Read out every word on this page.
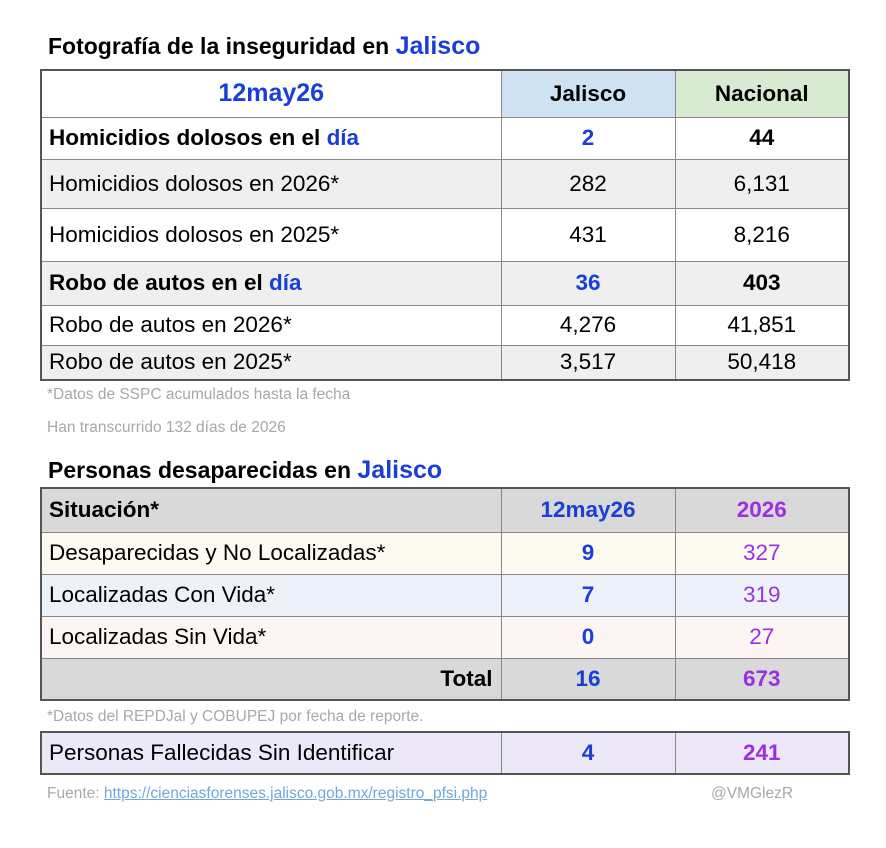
Fotografía de la inseguridad en Jalisco
12may26	Jalisco	Nacional
Homicidios dolosos en el día	2	44
Homicidios dolosos en 2026*	282	6,131
Homicidios dolosos en 2025*	431	8,216
Robo de autos en el día	36	403
Robo de autos en 2026*	4,276	41,851
Robo de autos en 2025*	3,517	50,418
*Datos de SSPC acumulados hasta la fecha
Han transcurrido 132 días de 2026
Personas desaparecidas en Jalisco
Situación*	12may26	2026
Desaparecidas y No Localizadas*	9	327
Localizadas Con Vida*	7	319
Localizadas Sin Vida*	0	27
Total	16	673
*Datos del REPDJal y COBUPEJ por fecha de reporte.
Personas Fallecidas Sin Identificar	4	241
Fuente: https://cienciasforenses.jalisco.gob.mx/registro_pfsi.php	@VMGlezR
